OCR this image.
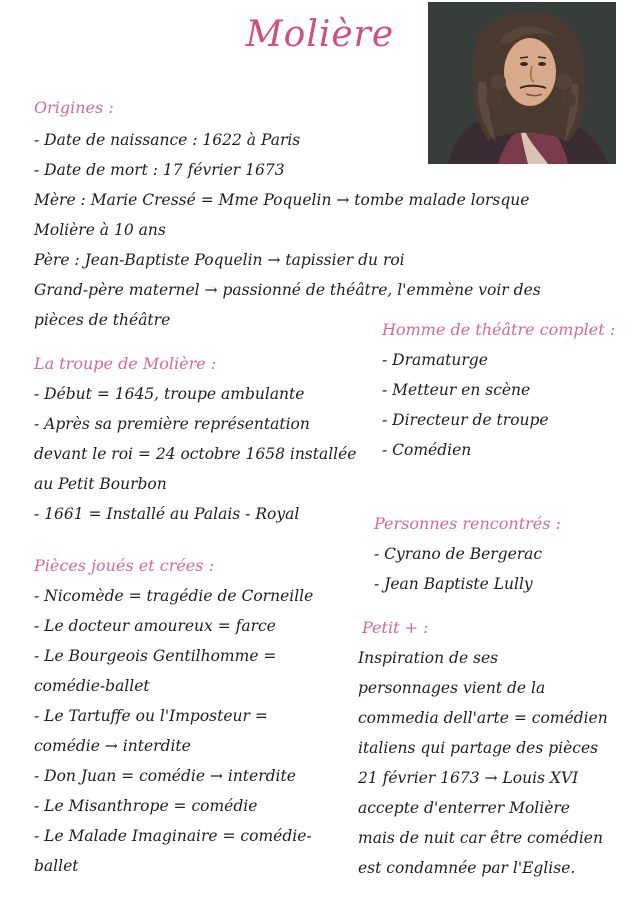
Molière
Origines :
- Date de naissance : 1622 à Paris
- Date de mort : 17 février 1673
Mère : Marie Cressé = Mme Poquelin → tombe malade lorsque
Molière à 10 ans
Père : Jean-Baptiste Poquelin → tapissier du roi
Grand-père maternel → passionné de théâtre, l'emmène voir des
pièces de théâtre	Homme de théâtre complet :
- Dramaturge
- Metteur en scène
- Directeur de troupe
- Comédien
La troupe de Molière :
- Début = 1645, troupe ambulante
- Après sa première représentation
devant le roi = 24 octobre 1658 installée
au Petit Bourbon
- 1661 = Installé au Palais - Royal	Personnes rencontrés :
- Cyrano de Bergerac
- Jean Baptiste Lully
Pièces joués et crées :
- Nicomède = tragédie de Corneille
- Le docteur amoureux = farce
- Le Bourgeois Gentilhomme =
comédie-ballet
- Le Tartuffe ou l'Imposteur =
comédie → interdite
- Don Juan = comédie → interdite
- Le Misanthrope = comédie
- Le Malade Imaginaire = comédie-
ballet
Petit + :
Inspiration de ses
personnages vient de la
commedia dell'arte = comédien
italiens qui partage des pièces
21 février 1673 → Louis XVI
accepte d'enterrer Molière
mais de nuit car être comédien
est condamnée par l'Eglise.
